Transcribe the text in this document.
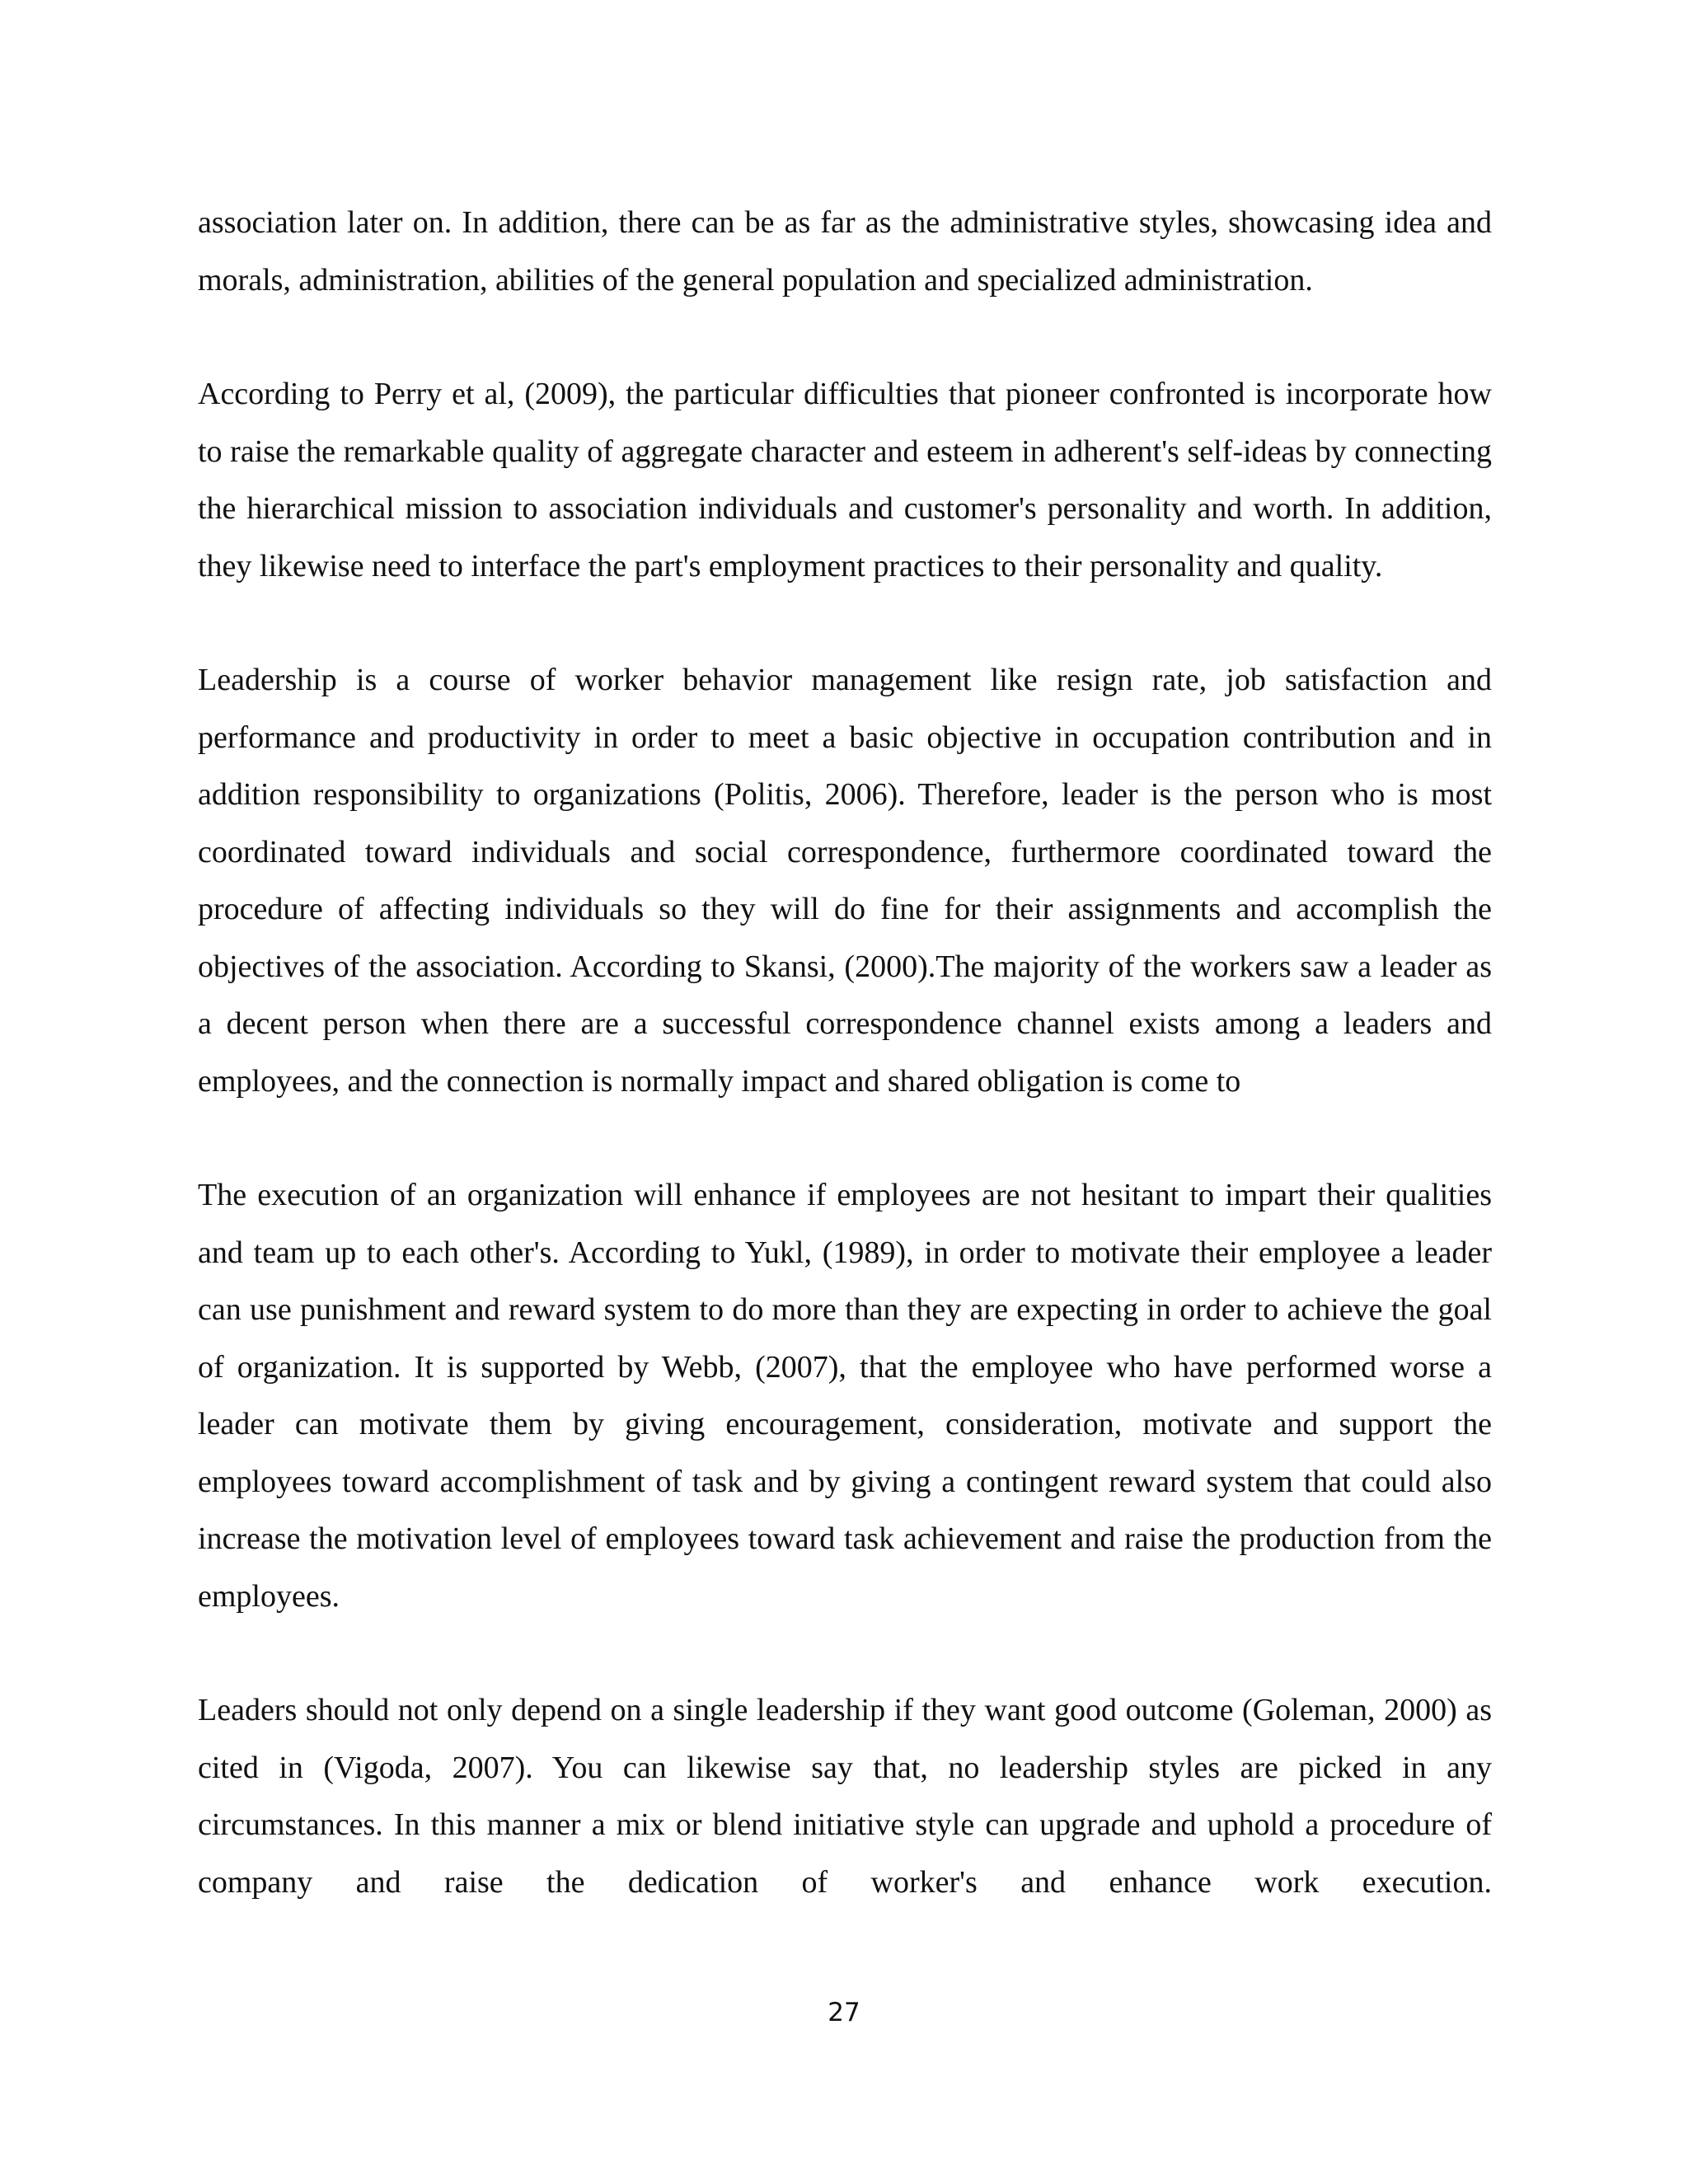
association later on. In addition, there can be as far as the administrative styles, showcasing idea and morals, administration, abilities of the general population and specialized administration.

According to Perry et al, (2009), the particular difficulties that pioneer confronted is incorporate how to raise the remarkable quality of aggregate character and esteem in adherent's self-ideas by connecting the hierarchical mission to association individuals and customer's personality and worth. In addition, they likewise need to interface the part's employment practices to their personality and quality.

Leadership is a course of worker behavior management like resign rate, job satisfaction and performance and productivity in order to meet a basic objective in occupation contribution and in addition responsibility to organizations (Politis, 2006). Therefore, leader is the person who is most coordinated toward individuals and social correspondence, furthermore coordinated toward the procedure of affecting individuals so they will do fine for their assignments and accomplish the objectives of the association. According to Skansi, (2000).The majority of the workers saw a leader as a decent person when there are a successful correspondence channel exists among a leaders and employees, and the connection is normally impact and shared obligation is come to

The execution of an organization will enhance if employees are not hesitant to impart their qualities and team up to each other's. According to Yukl, (1989), in order to motivate their employee a leader can use punishment and reward system to do more than they are expecting in order to achieve the goal of organization. It is supported by Webb, (2007), that the employee who have performed worse a leader can motivate them by giving encouragement, consideration, motivate and support the employees toward accomplishment of task and by giving a contingent reward system that could also increase the motivation level of employees toward task achievement and raise the production from the employees.

Leaders should not only depend on a single leadership if they want good outcome (Goleman, 2000) as cited in (Vigoda, 2007). You can likewise say that, no leadership styles are picked in any circumstances. In this manner a mix or blend initiative style can upgrade and uphold a procedure of company and raise the dedication of worker's and enhance work execution.

27
